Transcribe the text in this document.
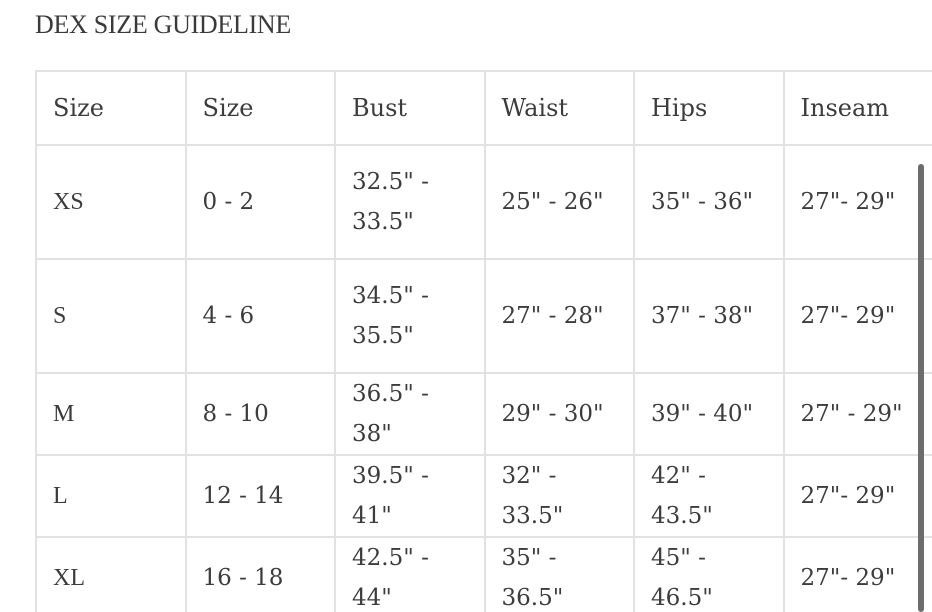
DEX SIZE GUIDELINE
Size	Size	Bust	Waist	Hips	Inseam
XS	0 - 2	32.5" - 33.5"	25" - 26"	35" - 36"	27"- 29"
S	4 - 6	34.5" - 35.5"	27" - 28"	37" - 38"	27"- 29"
M	8 - 10	36.5" - 38"	29" - 30"	39" - 40"	27" - 29"
L	12 - 14	39.5" - 41"	32" - 33.5"	42" - 43.5"	27"- 29"
XL	16 - 18	42.5" - 44"	35" - 36.5"	45" - 46.5"	27"- 29"
